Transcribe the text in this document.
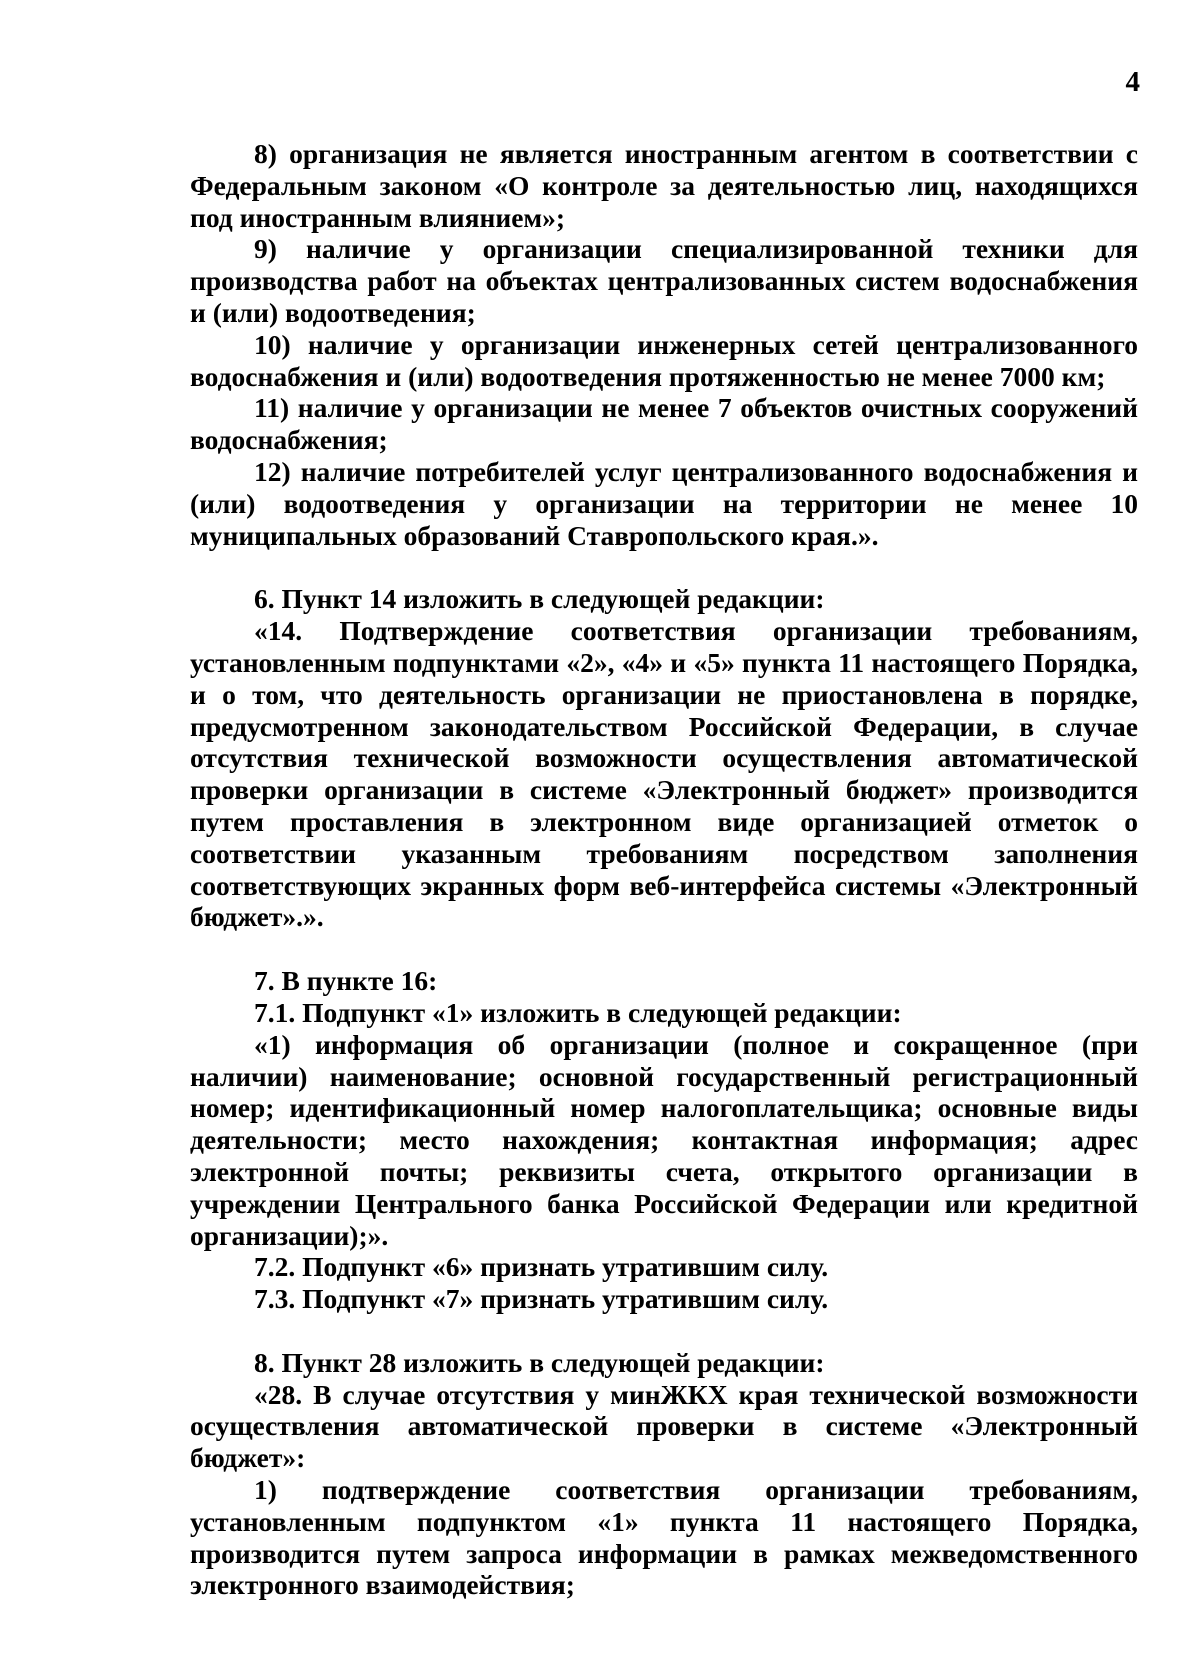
4

8) организация не является иностранным агентом в соответствии с Федеральным законом «О контроле за деятельностью лиц, находящихся под иностранным влиянием»;

9) наличие у организации специализированной техники для производства работ на объектах централизованных систем водоснабжения и (или) водоотведения;

10) наличие у организации инженерных сетей централизованного водоснабжения и (или) водоотведения протяженностью не менее 7000 км;

11) наличие у организации не менее 7 объектов очистных сооружений водоснабжения;

12) наличие потребителей услуг централизованного водоснабжения и (или) водоотведения у организации на территории не менее 10 муниципальных образований Ставропольского края.».

6. Пункт 14 изложить в следующей редакции:

«14. Подтверждение соответствия организации требованиям, установленным подпунктами «2», «4» и «5» пункта 11 настоящего Порядка, и о том, что деятельность организации не приостановлена в порядке, предусмотренном законодательством Российской Федерации, в случае отсутствия технической возможности осуществления автоматической проверки организации в системе «Электронный бюджет» производится путем проставления в электронном виде организацией отметок о соответствии указанным требованиям посредством заполнения соответствующих экранных форм веб-интерфейса системы «Электронный бюджет».».

7. В пункте 16:

7.1. Подпункт «1» изложить в следующей редакции:

«1) информация об организации (полное и сокращенное (при наличии) наименование; основной государственный регистрационный номер; идентификационный номер налогоплательщика; основные виды деятельности; место нахождения; контактная информация; адрес электронной почты; реквизиты счета, открытого организации в учреждении Центрального банка Российской Федерации или кредитной организации);».

7.2. Подпункт «6» признать утратившим силу.

7.3. Подпункт «7» признать утратившим силу.

8. Пункт 28 изложить в следующей редакции:

«28. В случае отсутствия у минЖКХ края технической возможности осуществления автоматической проверки в системе «Электронный бюджет»:

1) подтверждение соответствия организации требованиям, установленным подпунктом «1» пункта 11 настоящего Порядка, производится путем запроса информации в рамках межведомственного электронного взаимодействия;
